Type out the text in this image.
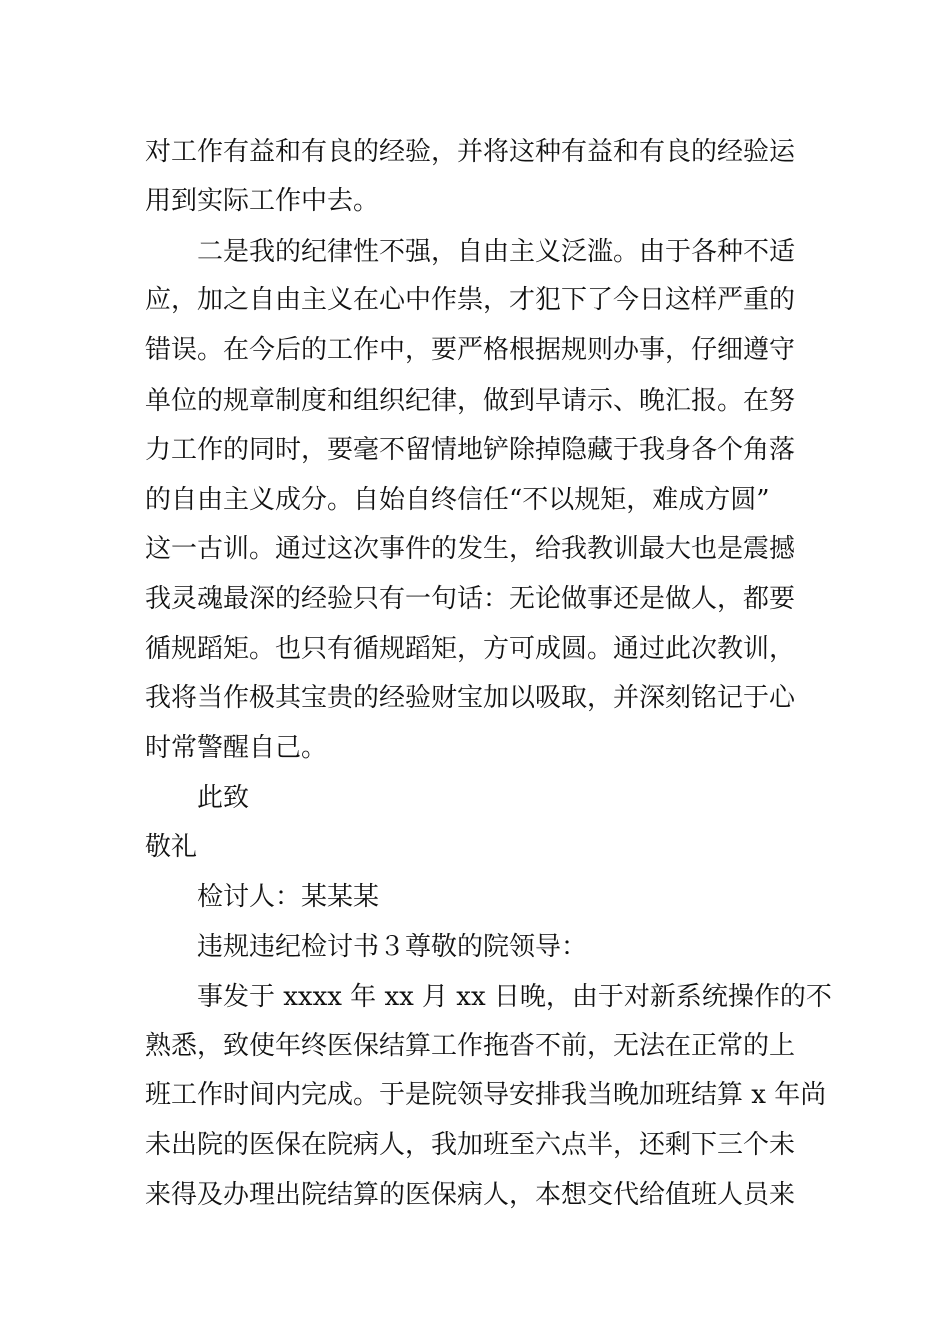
对工作有益和有良的经验，并将这种有益和有良的经验运
用到实际工作中去。
二是我的纪律性不强，自由主义泛滥。由于各种不适
应，加之自由主义在心中作祟，才犯下了今日这样严重的
错误。在今后的工作中，要严格根据规则办事，仔细遵守
单位的规章制度和组织纪律，做到早请示、晚汇报。在努
力工作的同时，要毫不留情地铲除掉隐藏于我身各个角落
的自由主义成分。自始自终信任“不以规矩，难成方圆”
这一古训。通过这次事件的发生，给我教训最大也是震撼
我灵魂最深的经验只有一句话：无论做事还是做人，都要
循规蹈矩。也只有循规蹈矩，方可成圆。通过此次教训，
我将当作极其宝贵的经验财宝加以吸取，并深刻铭记于心
时常警醒自己。
此致
敬礼
检讨人：某某某
违规违纪检讨书３尊敬的院领导：
事发于 xxxx 年 xx 月 xx 日晚，由于对新系统操作的不
熟悉，致使年终医保结算工作拖沓不前，无法在正常的上
班工作时间内完成。于是院领导安排我当晚加班结算 x 年尚
未出院的医保在院病人，我加班至六点半，还剩下三个未
来得及办理出院结算的医保病人，本想交代给值班人员来
